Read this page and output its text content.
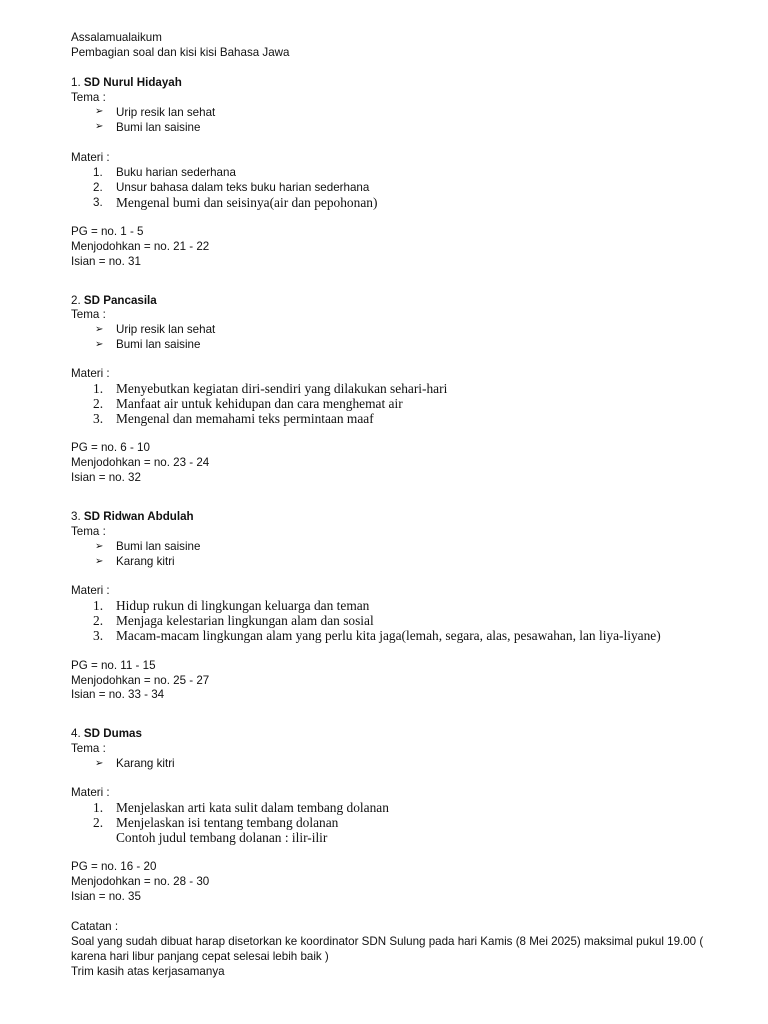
Assalamualaikum
Pembagian soal dan kisi kisi Bahasa Jawa
1. SD Nurul Hidayah
Tema :
➢ Urip resik lan sehat
➢ Bumi lan saisine
Materi :
1. Buku harian sederhana
2. Unsur bahasa dalam teks buku harian sederhana
3. Mengenal bumi dan seisinya(air dan pepohonan)
PG = no. 1 - 5
Menjodohkan = no. 21 - 22
Isian = no. 31
2. SD Pancasila
Tema :
➢ Urip resik lan sehat
➢ Bumi lan saisine
Materi :
1. Menyebutkan kegiatan diri-sendiri yang dilakukan sehari-hari
2. Manfaat air untuk kehidupan dan cara menghemat air
3. Mengenal dan memahami teks permintaan maaf
PG = no. 6 - 10
Menjodohkan = no. 23 - 24
Isian = no. 32
3. SD Ridwan Abdulah
Tema :
➢ Bumi lan saisine
➢ Karang kitri
Materi :
1. Hidup rukun di lingkungan keluarga dan teman
2. Menjaga kelestarian lingkungan alam dan sosial
3. Macam-macam lingkungan alam yang perlu kita jaga(lemah, segara, alas, pesawahan, lan liya-liyane)
PG = no. 11 - 15
Menjodohkan = no. 25 - 27
Isian = no. 33 - 34
4. SD Dumas
Tema :
➢ Karang kitri
Materi :
1. Menjelaskan arti kata sulit dalam tembang dolanan
2. Menjelaskan isi tentang tembang dolanan
Contoh judul tembang dolanan : ilir-ilir
PG = no. 16 - 20
Menjodohkan = no. 28 - 30
Isian = no. 35
Catatan :
Soal yang sudah dibuat harap disetorkan ke koordinator SDN Sulung pada hari Kamis (8 Mei 2025) maksimal pukul 19.00 ( karena hari libur panjang cepat selesai lebih baik )
Trim kasih atas kerjasamanya
